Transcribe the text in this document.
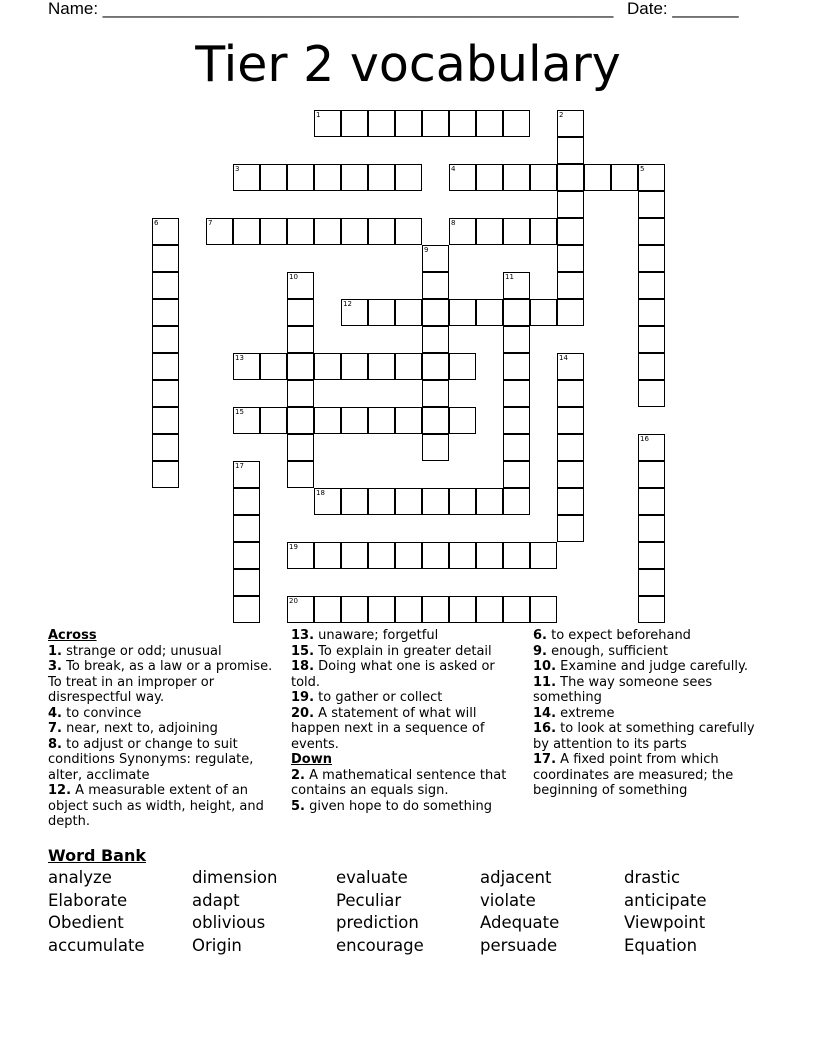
Name: ______________________________________________________ Date: _______
Tier 2 vocabulary
1	2
3	4	5
6	7	8
9
10	11
12
13	14
15
16
17
18
19
20
Across
1. strange or odd; unusual
3. To break, as a law or a promise. To treat in an improper or disrespectful way.
4. to convince
7. near, next to, adjoining
8. to adjust or change to suit conditions Synonyms: regulate, alter, acclimate
12. A measurable extent of an object such as width, height, and depth.
13. unaware; forgetful
15. To explain in greater detail
18. Doing what one is asked or told.
19. to gather or collect
20. A statement of what will happen next in a sequence of events.
Down
2. A mathematical sentence that contains an equals sign.
5. given hope to do something
6. to expect beforehand
9. enough, sufficient
10. Examine and judge carefully.
11. The way someone sees something
14. extreme
16. to look at something carefully by attention to its parts
17. A fixed point from which coordinates are measured; the beginning of something
Word Bank
analyze	dimension	evaluate	adjacent	drastic
Elaborate	adapt	Peculiar	violate	anticipate
Obedient	oblivious	prediction	Adequate	Viewpoint
accumulate	Origin	encourage	persuade	Equation
